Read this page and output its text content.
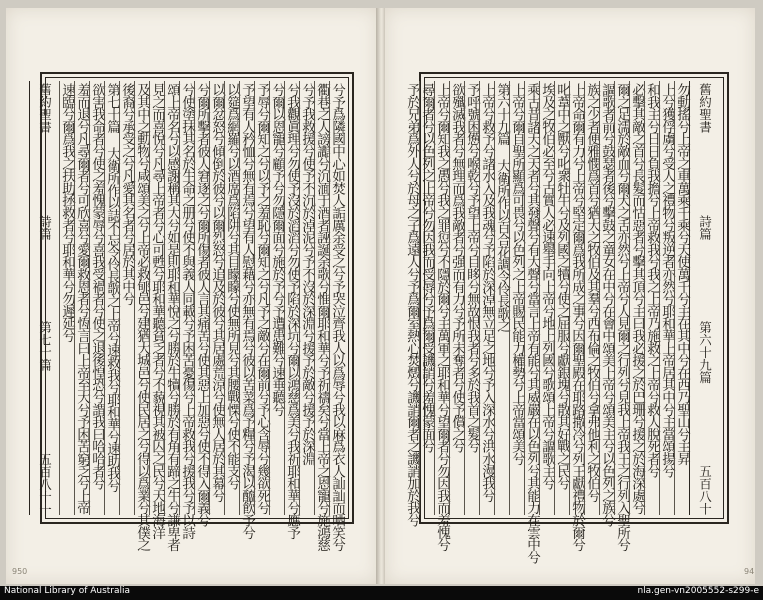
兮予爲隣國中心如焚人詬厲余受之兮予哭泣齊我人以爲辱兮我以麻爲衣人訕訕而哂笑兮
衢巷之人謗讟兮沉湎于酒者誣誕余歌兮惟爾耶和華兮予祈禱矣兮當上帝之恩寵兮施鴻慈
兮予我救援兮使予不沉於淖泥兮予不沒於深淵兮援予於敵兮援予於深淵
兮我觀眞理兮勿使予沒於滔滔兮勿使予陷於深坑兮爾以鴻慈爲美兮我祈耶和華兮應予
兮爾以恩寵兮顧予兮勿隱爾面兮施於予兮予遭患難兮速垂聽兮
予辱兮爾知之兮以予之羞恥兮爾知之兮凡予之敵兮在爾前兮予心含辱兮幾欲死兮
予望有人矜恤兮無有焉兮望有人慰藉兮亦無有焉兮彼以苦菜爲予糧兮予渴以醯飮予兮
以筵爲網羅兮以酒席爲陷阱兮其目矇矇兮使無所見兮其腰戰慄兮使不能支兮
以爾忿怒兮傾倒於彼兮以爾烈怒兮追及於彼兮其居處荒涼兮使無人居於其幕兮
兮爾所擊者彼人窘逐之兮爾所傷者彼人言其痛苦兮使其惡上加惡兮使不得入爾義兮
兮使塗抹其名於生命之册兮使不與義人同載兮予困苦憂傷兮上帝救我兮援我兮予以詩
頌上帝名兮以感謝稱其大兮如是則耶和華悅之兮勝於牛犢兮勝於有角有蹄之牛兮謙卑者
見之而喜悅兮凡尋上帝者兮心可甦兮耶和華聽貧乏者兮不藐視其被囚之民兮天地海洋
及其中之動物兮咸頌美之兮上帝必救郇邑兮建猶大城邑兮使民居之兮得以爲業兮其僕之
後裔兮承受之兮凡愛其名者兮居於其中兮
第七十篇 大衛所作以誌不忘令伶長歌之上帝兮速救我兮耶和華兮速助我兮
欲害我命者兮使之羞愧蒙辱兮喜我受禍者兮使之退後惶恐兮謂我曰哈哈者兮
羞而退兮凡尋爾者兮可欣喜兮愛爾救恩者兮恆言曰上帝至大兮予困苦窮乏兮上帝
速臨兮爾爲我之扶助拯救者兮耶和華兮勿遲延兮
舊約聖書
詩篇
第七十篇
五百八十一
舊約聖書
詩篇
第六十九篇
五百八十
勿動搖兮上帝之車萬乘千乘兮天使萬千兮主在其中兮在西乃聖山兮主昇
上兮獲俘虜兮受人之禮物兮叛逆者亦然兮耶和華上帝居其中兮主當頌揚兮
和我主兮日日負我擔兮上帝救我兮我之上帝乃施救之上帝兮救人脫死者兮
必擊其敵之首兮長髮而怙惡者兮擊其頂兮主曰我必援之於巴珊兮援之於海深處兮
爾之足濡於敵血兮爾犬之舌亦然兮上帝兮人見爾之行列兮見我上帝我王之行列入聖所兮
謳歌者前兮鼓瑟者後兮擊鼓之童女在中兮在會中頌美上帝兮頌美主兮以色列之族兮
族之少者便雅憫爲首兮猶大之牧伯及其羣兮西布倫之牧伯兮拿弗他利之牧伯兮
上帝命爾有力兮上帝兮堅定爾爲我所成之事兮因爾聖殿在耶路撒冷兮列王獻禮物於爾兮
叱葦中之獸兮叱衆牡牛兮及列國之犢兮使之屈服兮獻銀塊兮散其好戰之民兮
埃及之牧伯必至兮古實人必速舉手向上帝兮地上列國兮歌頌上帝兮謳歌主兮
乘古昔諸天之天者兮其發聲兮有大聲兮當言上帝有能兮其威嚴在以色列兮其能力在雲中兮
上帝兮爾自聖所顯爲可畏兮以色列之上帝賜民能力權勢兮上帝當頌美兮
第六十九篇 大衛所作以百合花調令伶長歌之
上帝兮救予兮諸水入及我魂兮予陷於深淖無立足之地兮予入深水兮洪水漫我兮
予呼號困憊兮喉乾兮予望上帝兮目眵兮無故恨我者兮多於我首之髮兮
欲殲滅我者兮無理而爲我敵者兮强而有力兮予所未奪者兮使予償之兮
上帝兮爾知我之愚兮我之罪愆兮不隱於爾兮主萬軍之耶和華兮望爾者兮勿因我而羞愧兮
尋爾者兮以色列之上帝兮勿因我而受辱兮予爲爾受譏誚兮羞愧蒙面兮
予於兄弟爲外人兮於母之子爲遠人兮予爲爾室熱心焚燬兮譏誚爾者之譏誚加於我兮
950	94
National Library of Australia	nla.gen-vn2005552-s299-e
